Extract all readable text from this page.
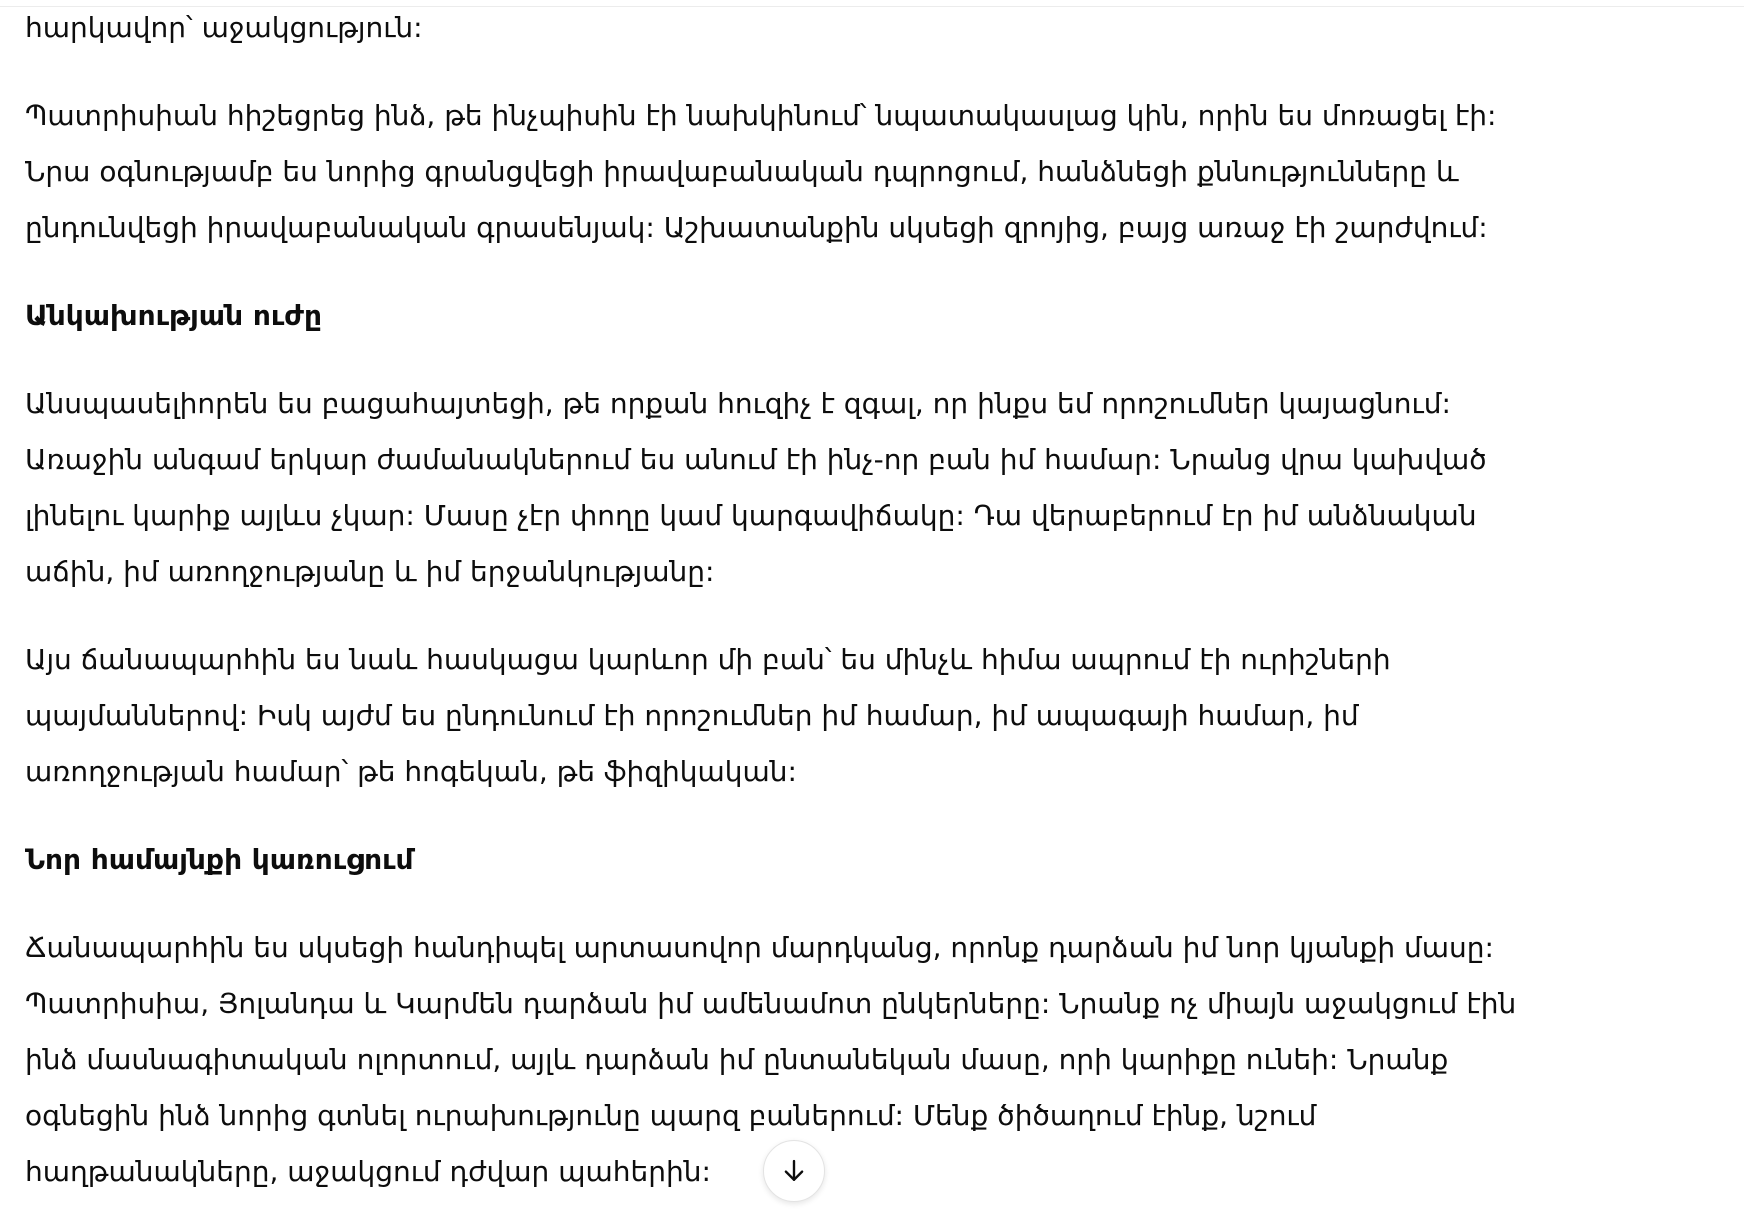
հարկավոր՝ աջակցություն:

Պատրիսիան հիշեցրեց ինձ, թե ինչպիսին էի նախկինում՝ նպատակասլաց կին, որին ես մոռացել էի:
Նրա օգնությամբ ես նորից գրանցվեցի իրավաբանական դպրոցում, հանձնեցի քննությունները և
ընդունվեցի իրավաբանական գրասենյակ: Աշխատանքին սկսեցի զրոյից, բայց առաջ էի շարժվում:

Անկախության ուժը

Անսպասելիորեն ես բացահայտեցի, թե որքան հուզիչ է զգալ, որ ինքս եմ որոշումներ կայացնում:
Առաջին անգամ երկար ժամանակներում ես անում էի ինչ-որ բան իմ համար: Նրանց վրա կախված
լինելու կարիք այլևս չկար: Մասը չէր փողը կամ կարգավիճակը: Դա վերաբերում էր իմ անձնական
աճին, իմ առողջությանը և իմ երջանկությանը:

Այս ճանապարհին ես նաև հասկացա կարևոր մի բան՝ ես մինչև հիմա ապրում էի ուրիշների
պայմաններով: Իսկ այժմ ես ընդունում էի որոշումներ իմ համար, իմ ապագայի համար, իմ
առողջության համար՝ թե հոգեկան, թե ֆիզիկական:

Նոր համայնքի կառուցում

Ճանապարհին ես սկսեցի հանդիպել արտասովոր մարդկանց, որոնք դարձան իմ նոր կյանքի մասը:
Պատրիսիա, Յոլանդա և Կարմեն դարձան իմ ամենամոտ ընկերները: Նրանք ոչ միայն աջակցում էին
ինձ մասնագիտական ոլորտում, այլև դարձան իմ ընտանեկան մասը, որի կարիքը ունեի: Նրանք
օգնեցին ինձ նորից գտնել ուրախությունը պարզ բաներում: Մենք ծիծաղում էինք, նշում
հաղթանակները, աջակցում դժվար պահերին:
